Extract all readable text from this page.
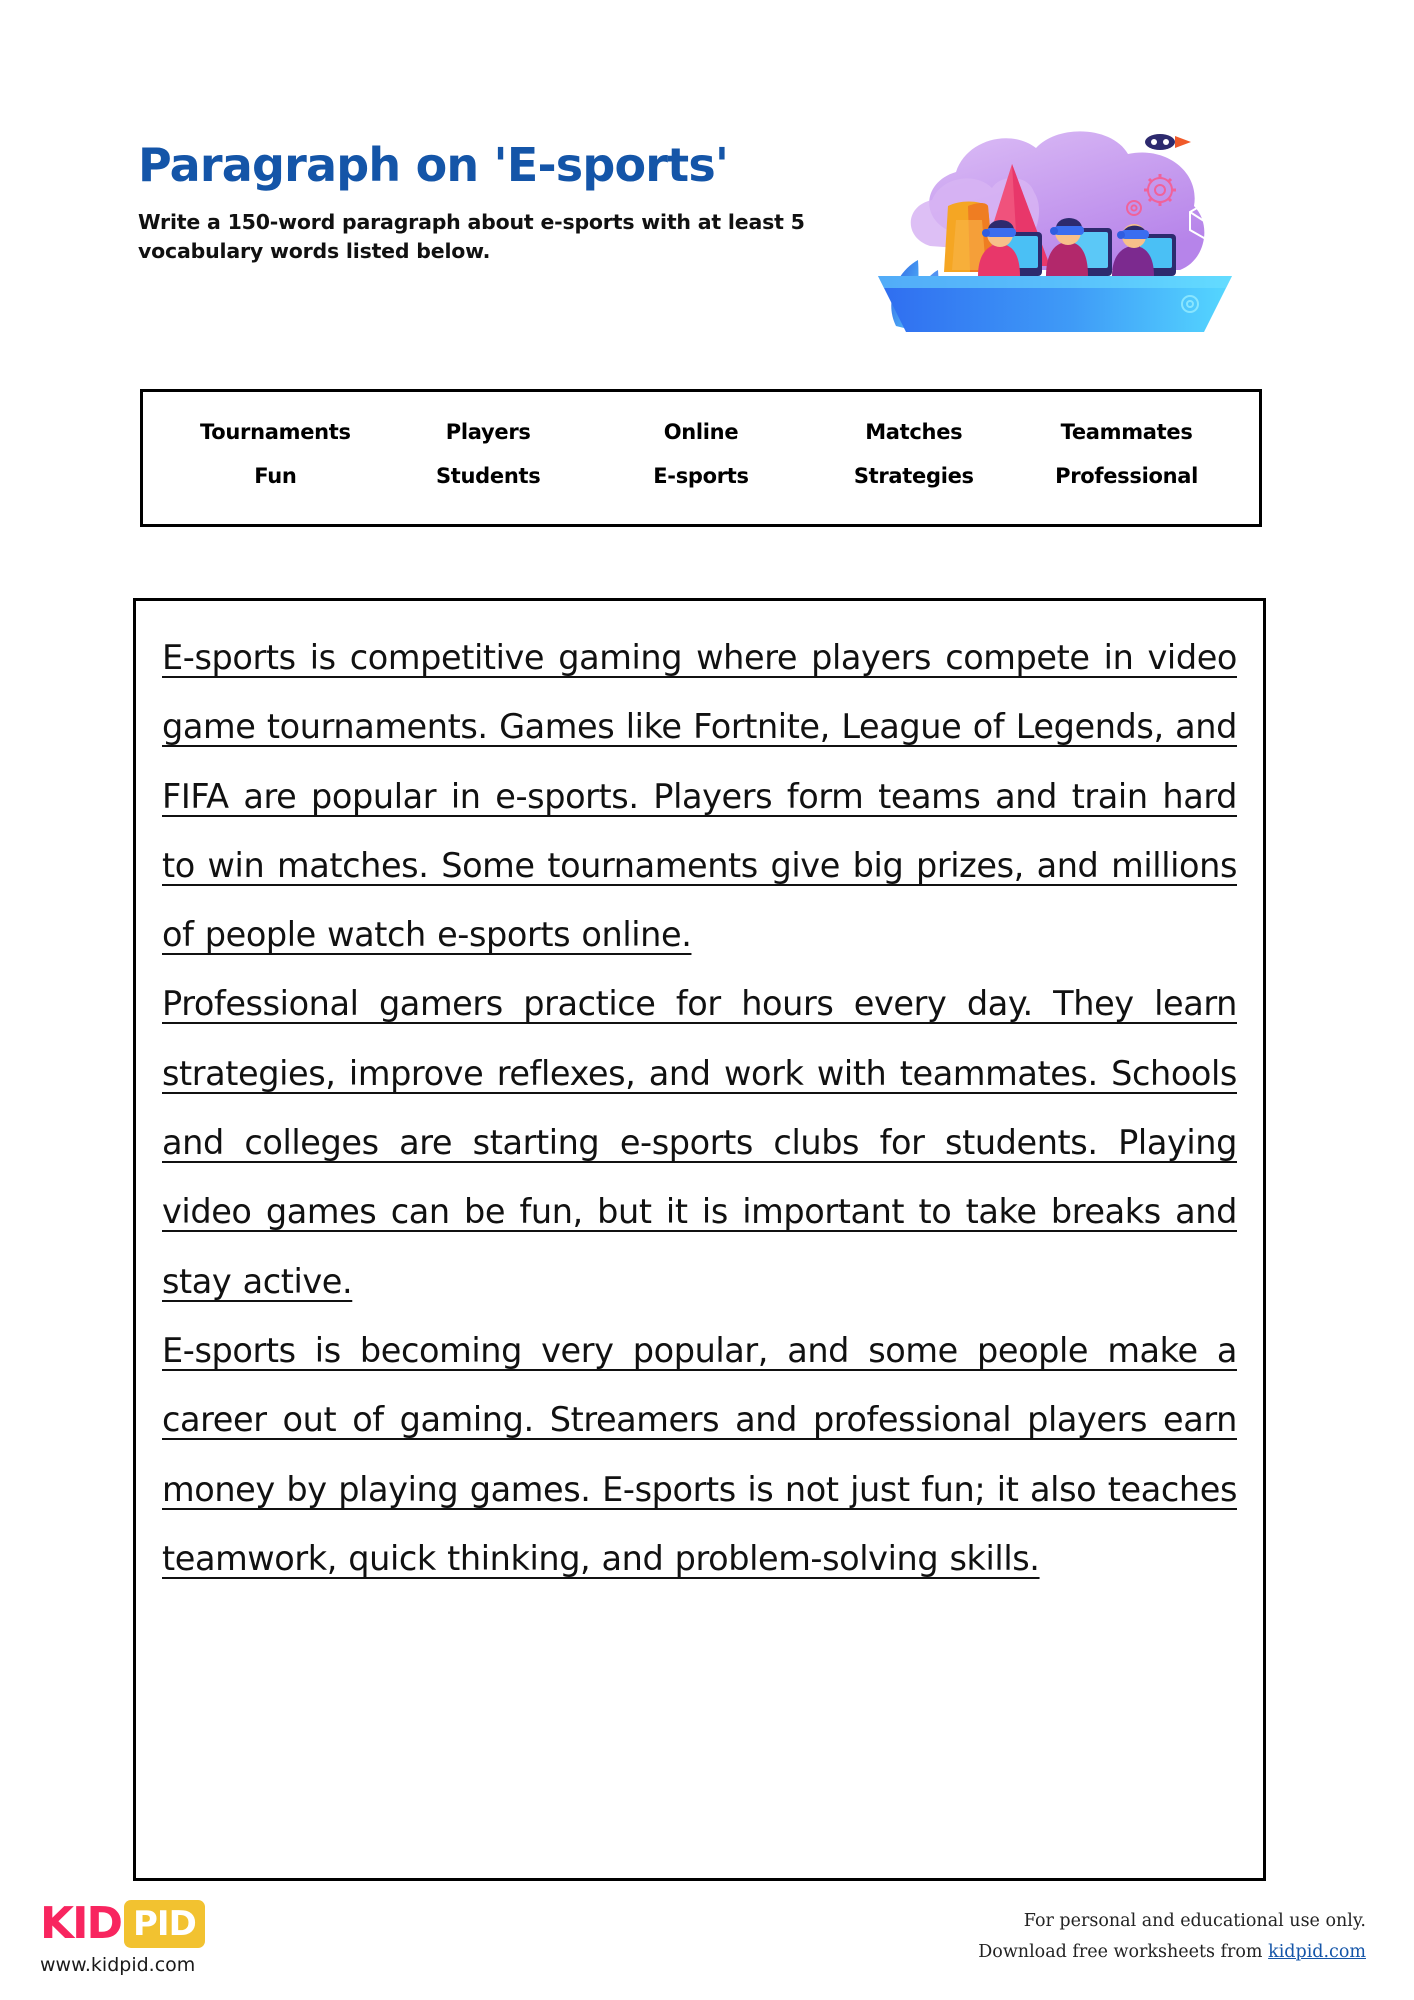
Paragraph on 'E-sports'
Write a 150-word paragraph about e-sports with at least 5 vocabulary words listed below.
Tournaments	Players	Online	Matches	Teammates
Fun	Students	E-sports	Strategies	Professional

E-sports is competitive gaming where players compete in video game tournaments. Games like Fortnite, League of Legends, and FIFA are popular in e-sports. Players form teams and train hard to win matches. Some tournaments give big prizes, and millions of people watch e-sports online.

Professional gamers practice for hours every day. They learn strategies, improve reflexes, and work with teammates. Schools and colleges are starting e-sports clubs for students. Playing video games can be fun, but it is important to take breaks and stay active.

E-sports is becoming very popular, and some people make a career out of gaming. Streamers and professional players earn money by playing games. E-sports is not just fun; it also teaches teamwork, quick thinking, and problem-solving skills.

KID PID
www.kidpid.com
For personal and educational use only.
Download free worksheets from kidpid.com
